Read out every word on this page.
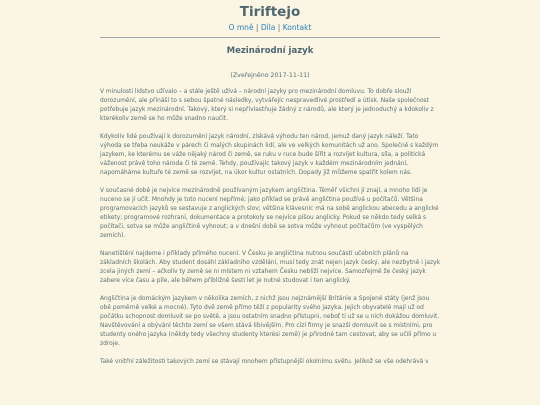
Tiriftejo
O mně | Díla | Kontakt
Mezinárodní jazyk
(Zveřejněno 2017-11-11)

V minulosti lidstvo užívalo – a stále ještě užívá – národní jazyky pro mezinárodní domluvu. To dobře slouží dorozumění, ale přináší to s sebou špatné následky, vytvářejíc nespravedlivé prostředí a útisk. Naše společnost potřebuje jazyk mezinárodní. Takový, který si nepřivlastňuje žádný z národů, ale který je jednoduchý a kdokoliv z kterékoliv země se ho může snadno naučit.

Kdykoliv lidé používají k dorozumění jazyk národní, získává výhodu ten národ, jemuž daný jazyk náleží. Tato výhoda se třeba neukáže v párech či malých skupinách lidí, ale ve velkých komunitách už ano. Společně s každým jazykem, ke kterému se váže nějaký národ či země, se ruku v ruce bude šířit a rozvíjet kultura, síla, a politická váženost právě toho národa či té země. Tehdy, používajíc takový jazyk v každém mezinárodním jednání, napomáháme kultuře té země se rozvíjet, na úkor kultur ostatních. Dopady již můžeme spatřit kolem nás.

V současné době je nejvíce mezinárodně používaným jazykem angličtina. Téměř všichni jí znají, a mnoho lidí je nuceno se jí učit. Mnohdy je toto nucení nepřímé; jako příklad se právě angličtina používá u počítačů. Většina programovacích jazyků se sestavuje z anglických slov; většina klávesnic má na sobě anglickou abecedu a anglické etikety; programové rozhraní, dokumentace a protokoly se nejvíce píšou anglicky. Pokud se někdo tedy selká s počítači, sotva se může angličtině vyhnout; a v dnešní době se sotva může vyhnout počítačům (ve vyspělých zemích).

Nanetištění najdeme i příklady přímého nucení. V Česku je angličtina nutnou součástí učebních plánů na základních školách. Aby student dosáhl základního vzdělání, musí tedy znát nejen jazyk český, ale nezbytně i jazyk zcela jiných zemí – ačkoliv ty země se ni místem ni vztahem Česku nebliží nejvíce. Samozřejmě že český jazyk zabere více času a píle, ale během přibližně šesti let je nutné studovat i ten anglický.

Angličtina je domáckým jazykem v několika zemích, z nichž jsou nejznámější Británie a Spojené státy (jenž jsou obě poměrně velké a mocné). Tyto dvě země přímo těží z popularity svého jazyka. Jejich obyvatelé mají už od počátku schopnost domluvit se po světě, a jsou ostatním snadno přístupni, neboť ti už se u nich dokážou domluvit. Navštěvování a obývání těchto zemí se všem stává libivějším. Pro cizí firmy je snazší domluvit se s místními, pro studenty oného jazyka (někdy tedy všechny studenty kterési země) je přirodné tam cestovat, aby se učili přímo u zdroje.

Také vnitřní záležitosti takových zemí se stávají mnohem přístupnější okolnímu světu. Jelikož se vše odehrává v
